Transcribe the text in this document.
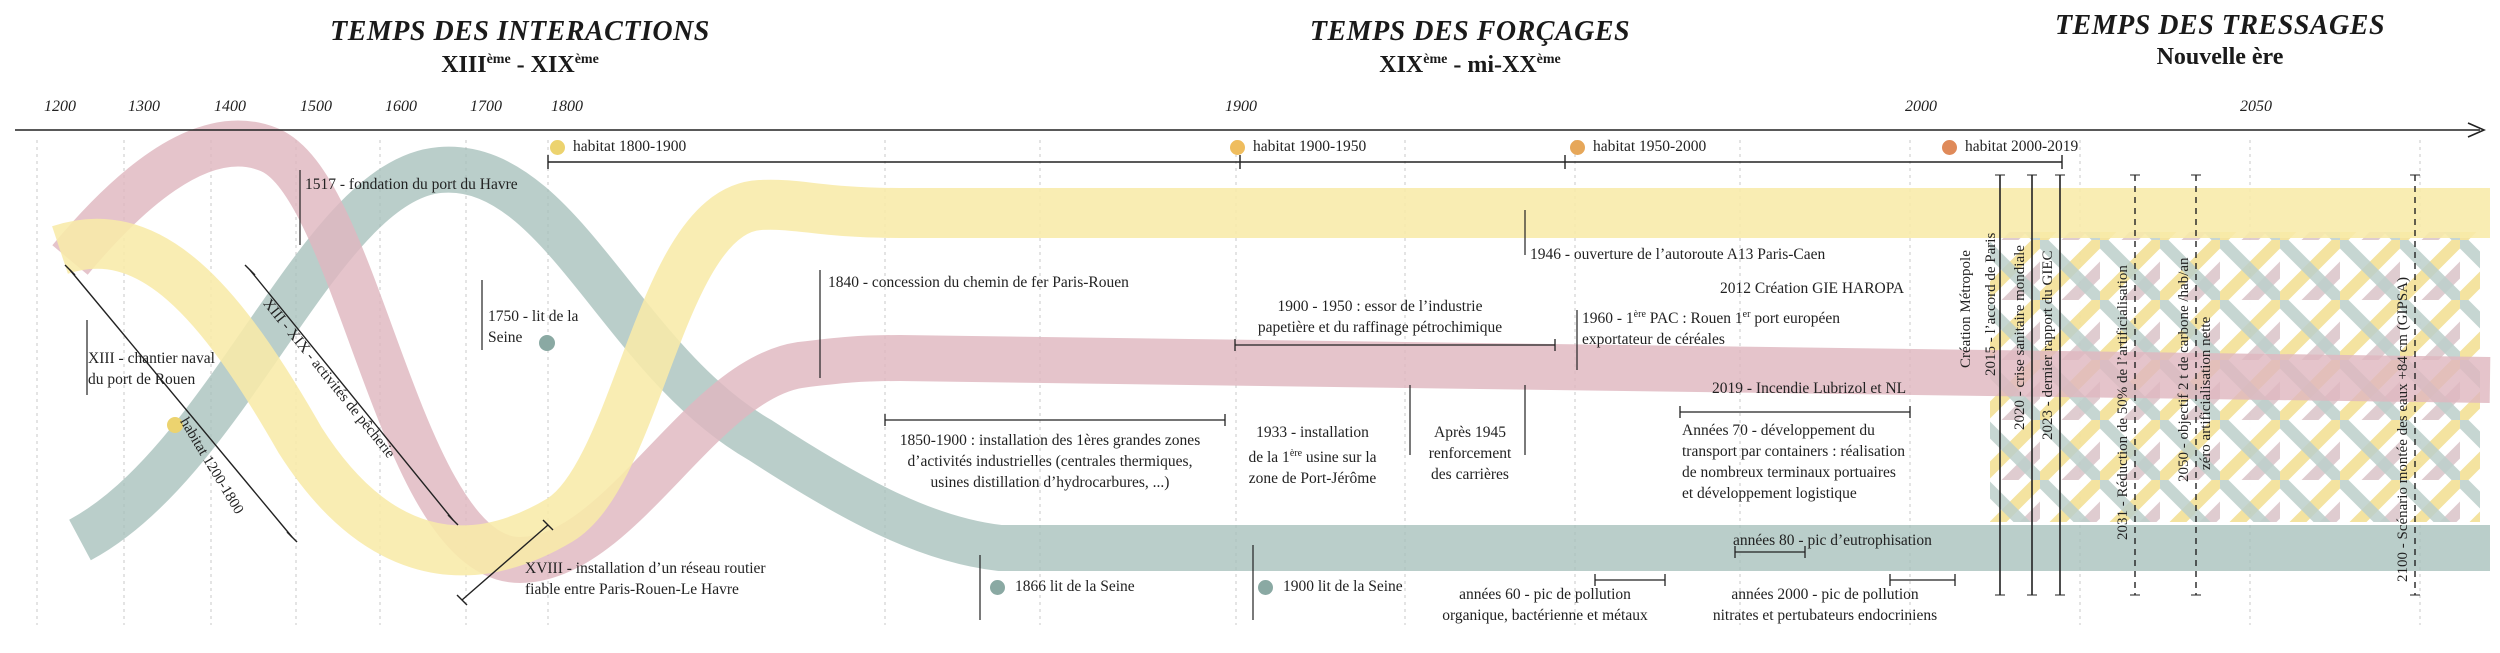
TEMPS DES INTERACTIONS
XIIIème - XIXème
TEMPS DES FORÇAGES
XIXème - mi-XXème
TEMPS DES TRESSAGES
Nouvelle ère
1200	1300	1400	1500	1600	1700	1800	1900	2000	2050
habitat 1800-1900	habitat 1900-1950	habitat 1950-2000	habitat 2000-2019
1517 - fondation du port du Havre
XIII - chantier naval
du port de Rouen
1750 - lit de la
Seine
XVIII - installation d’un réseau routier
fiable entre Paris-Rouen-Le Havre
1840 - concession du chemin de fer Paris-Rouen
1850-1900 : installation des 1ères grandes zones
d’activités industrielles (centrales thermiques,
usines distillation d’hydrocarbures, ...)
1866 lit de la Seine	1900 lit de la Seine
1900 - 1950 : essor de l’industrie
papetière et du raffinage pétrochimique
1933 - installation
de la 1ère usine sur la
zone de Port-Jérôme
Après 1945
renforcement
des carrières
1946 - ouverture de l’autoroute A13 Paris-Caen
1960 - 1ère PAC : Rouen 1er port européen
exportateur de céréales
2012 Création GIE HAROPA
2019 - Incendie Lubrizol et NL
Années 70 - développement du
transport par containers : réalisation
de nombreux terminaux portuaires
et développement logistique
années 80 - pic d’eutrophisation
années 60 - pic de pollution
organique, bactérienne et métaux
années 2000 - pic de pollution
nitrates et pertubateurs endocriniens
habitat 1200-1800
XIII - XIX - activités de pêcherie	Création Métropole 2015 - l’accord de Paris 2020 - crise sanitaire mondiale 2023 - dernier rapport du GIEC	2031 - Réduction de 50% de l’artificialisation	2050 - objectif 2 t de carbone /hab/an zéro artificialisation nette	2100 - Scénario montée des eaux +84 cm (GIPSA)
